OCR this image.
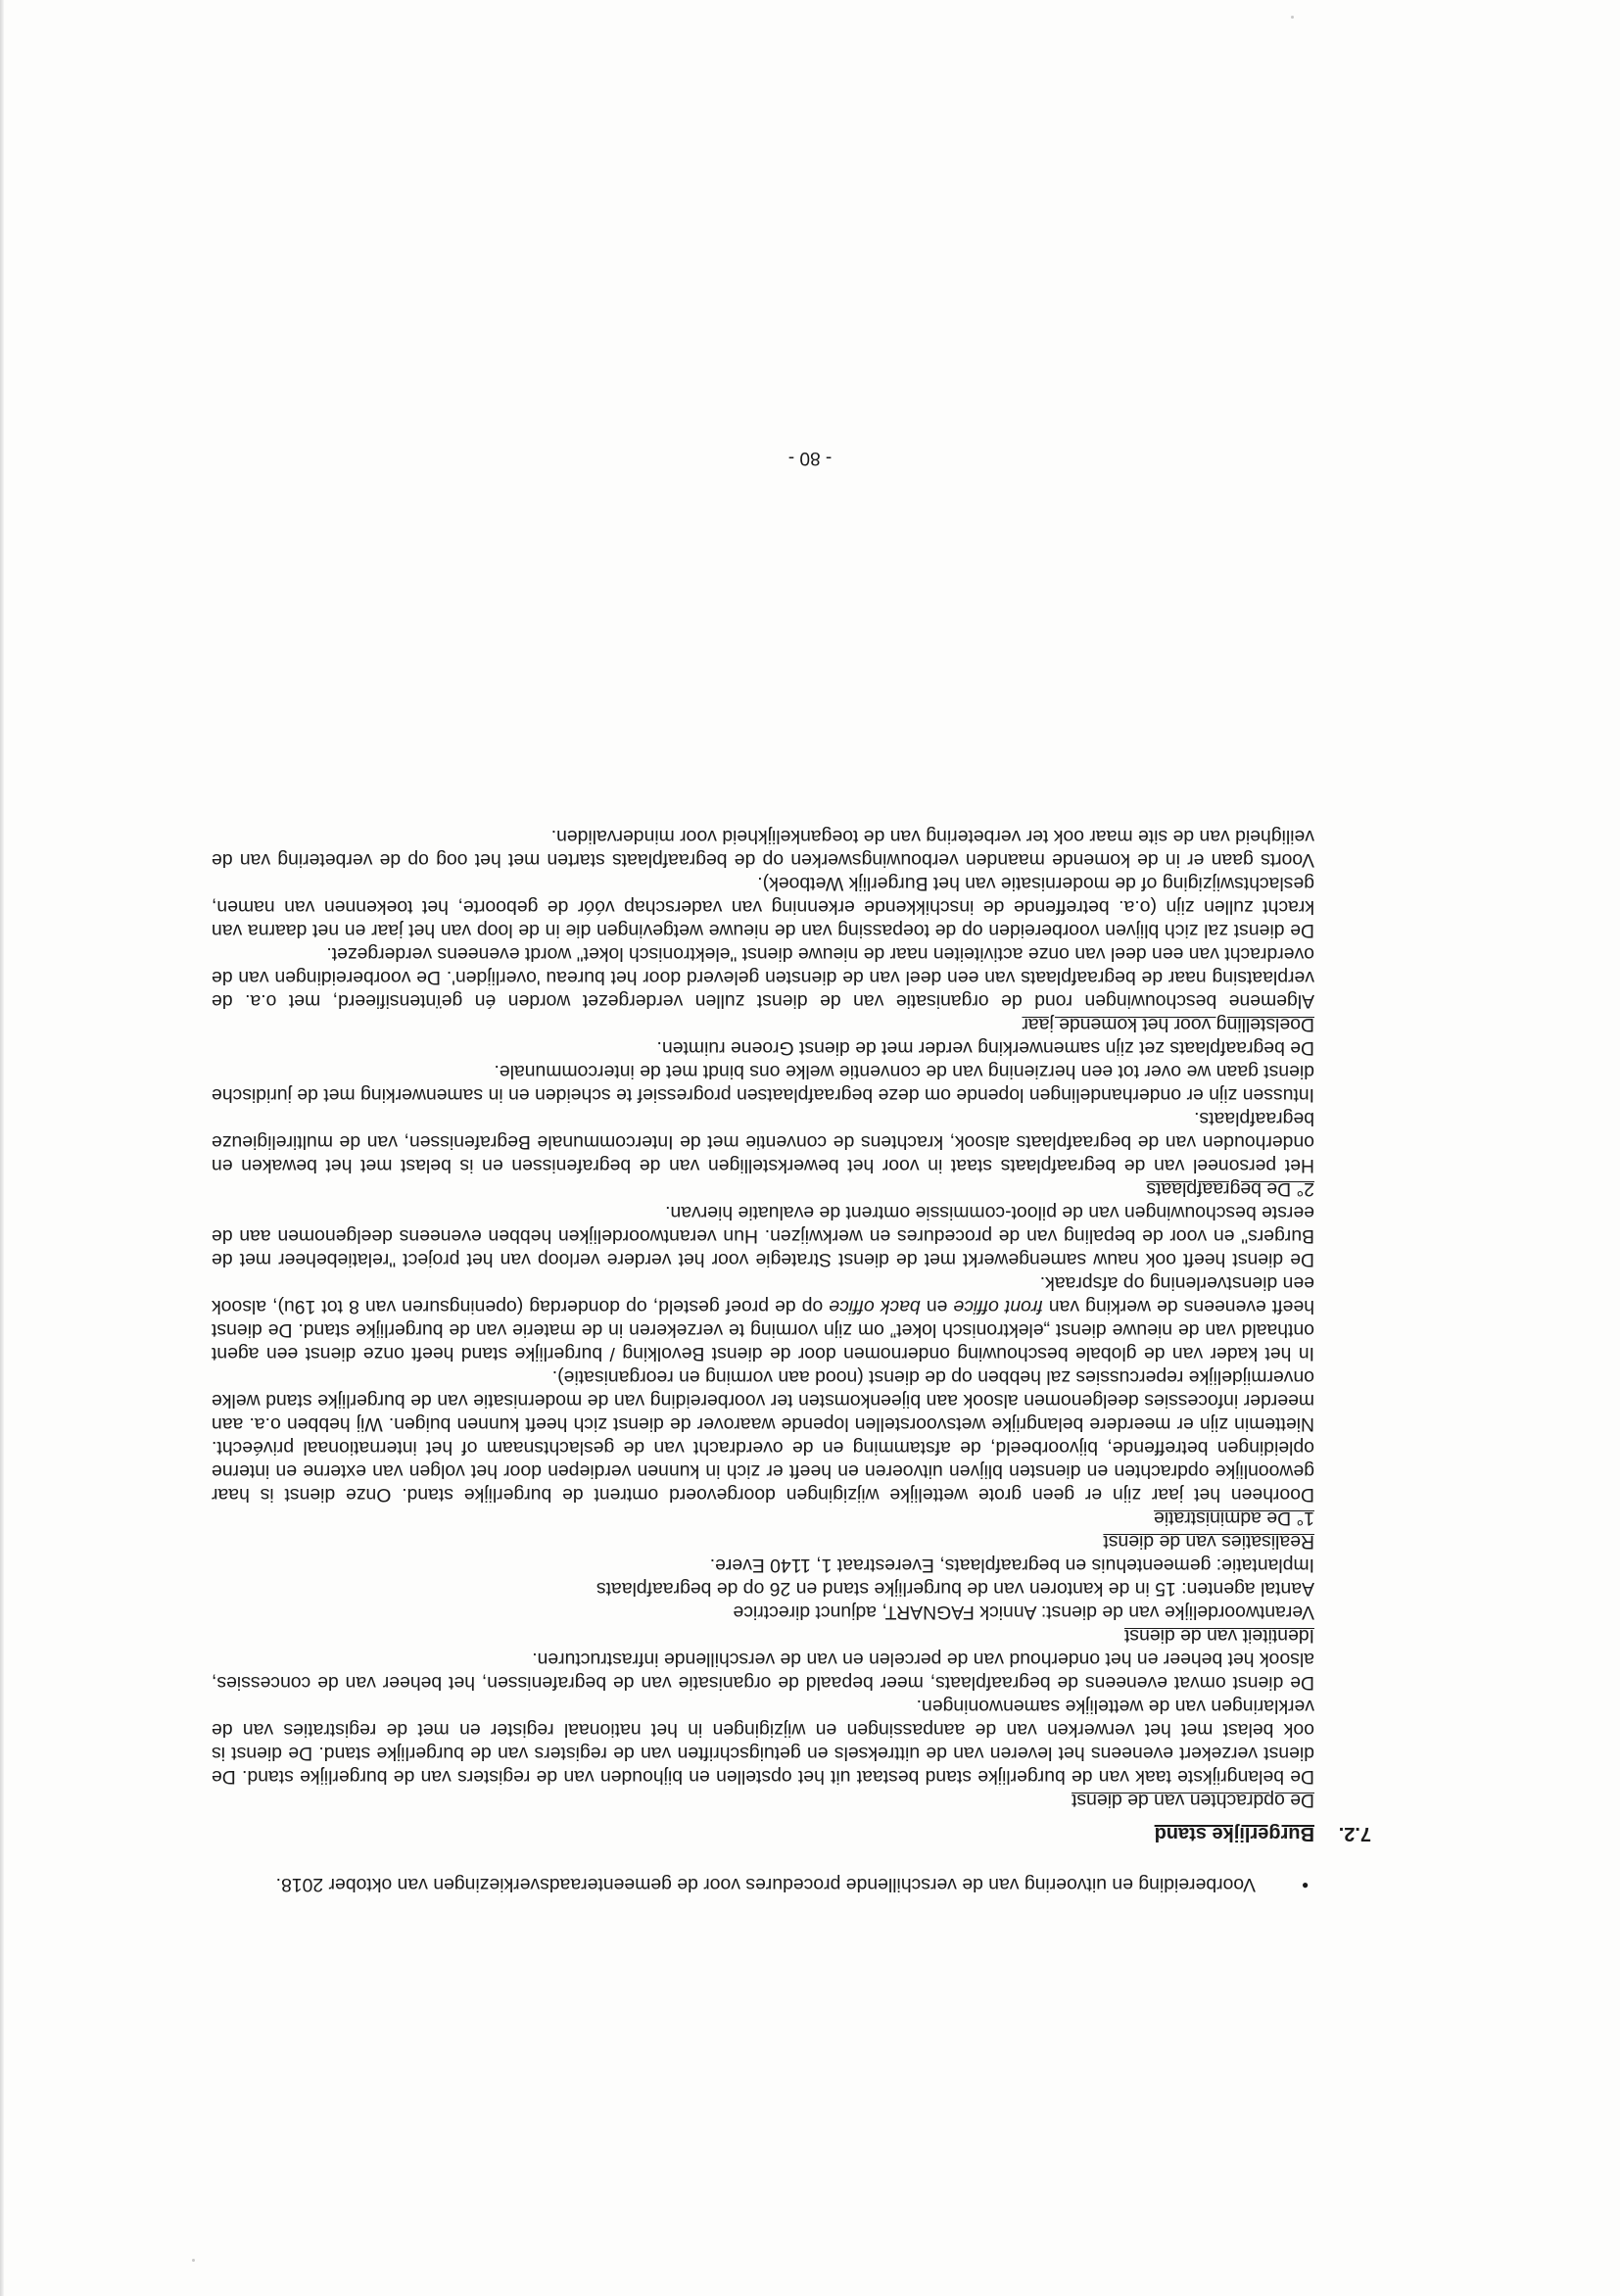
- 80 -

•
Voorbereiding en uitvoering van de verschillende procedures voor de gemeenteraadsverkiezingen van oktober 2018.

7.2.
Burgerlijke stand
De opdrachten van de dienst

De belangrijkste taak van de burgerlijke stand bestaat uit het opstellen en bijhouden van de registers van de burgerlijke stand. De dienst verzekert eveneens het leveren van de uittreksels en getuigschriften van de registers van de burgerlijke stand. De dienst is ook belast met het verwerken van de aanpassingen en wijzigingen in het nationaal register en met de registraties van de verklaringen van de wettelijke samenwoningen.

De dienst omvat eveneens de begraafplaats, meer bepaald de organisatie van de begrafenissen, het beheer van de concessies, alsook het beheer en het onderhoud van de percelen en van de verschillende infrastructuren.

Identiteit van de dienst

Verantwoordelijke van de dienst: Annick FAGNART, adjunct directrice

Aantal agenten: 15 in de kantoren van de burgerlijke stand en 26 op de begraafplaats

Implantatie: gemeentehuis en begraafplaats, Everestraat 1, 1140 Evere.

Realisaties van de dienst
1° De administratie

Doorheen het jaar zijn er geen grote wettelijke wijzigingen doorgevoerd omtrent de burgerlijke stand. Onze dienst is haar gewoonlijke opdrachten en diensten blijven uitvoeren en heeft er zich in kunnen verdiepen door het volgen van externe en interne opleidingen betreffende, bijvoorbeeld, de afstamming en de overdracht van de geslachtsnaam of het internationaal privéecht. Niettemin zijn er meerdere belangrijke wetsvoorstellen lopende waarover de dienst zich heeft kunnen buigen. Wij hebben o.a. aan meerder infocessies deelgenomen alsook aan bijeenkomsten ter voorbereiding van de modernisatie van de burgerlijke stand welke onvermijdelijke repercussies zal hebben op de dienst (nood aan vorming en reorganisatie).

In het kader van de globale beschouwing ondernomen door de dienst Bevolking / burgerlijke stand heeft onze dienst een agent onthaald van de nieuwe dienst „elektronisch loket” om zijn vorming te verzekeren in de materie van de burgerlijke stand. De dienst heeft eveneens de werking van front office en back office op de proef gesteld, op donderdag (openingsuren van 8 tot 19u), alsook een dienstverlening op afspraak.

De dienst heeft ook nauw samengewerkt met de dienst Strategie voor het verdere verloop van het project "relatiebeheer met de Burgers" en voor de bepaling van de procedures en werkwijzen. Hun verantwoordelijken hebben eveneens deelgenomen aan de eerste beschouwingen van de piloot-commissie omtrent de evaluatie hiervan.

2° De begraafplaats

Het personeel van de begraafplaats staat in voor het bewerkstelligen van de begrafenissen en is belast met het bewaken en onderhouden van de begraafplaats alsook, krachtens de conventie met de Intercommunale Begrafenissen, van de multireligieuze begraafplaats.

Intussen zijn er onderhandelingen lopende om deze begraafplaatsen progressief te scheiden en in samenwerking met de juridische dienst gaan we over tot een herziening van de conventie welke ons bindt met de intercommunale.

De begraafplaats zet zijn samenwerking verder met de dienst Groene ruimten.

Doelstelling voor het komende jaar

Algemene beschouwingen rond de organisatie van de dienst zullen verdergezet worden én geïntensifieerd, met o.a. de verplaatsing naar de begraafplaats van een deel van de diensten geleverd door het bureau 'overlijden'. De voorbereidingen van de overdracht van een deel van onze activiteiten naar de nieuwe dienst "elektronisch loket" wordt eveneens verdergezet.

De dienst zal zich blijven voorbereiden op de toepassing van de nieuwe wetgevingen die in de loop van het jaar en net daarna van kracht zullen zijn (o.a. betreffende de inschikkende erkenning van vaderschap vóór de geboorte, het toekennen van namen, geslachtswijziging of de modernisatie van het Burgerlijk Wetboek).

Voorts gaan er in de komende maanden verbouwingswerken op de begraafplaats starten met het oog op de verbetering van de veiligheid van de site maar ook ter verbetering van de toegankelijkheid voor mindervaliden.
